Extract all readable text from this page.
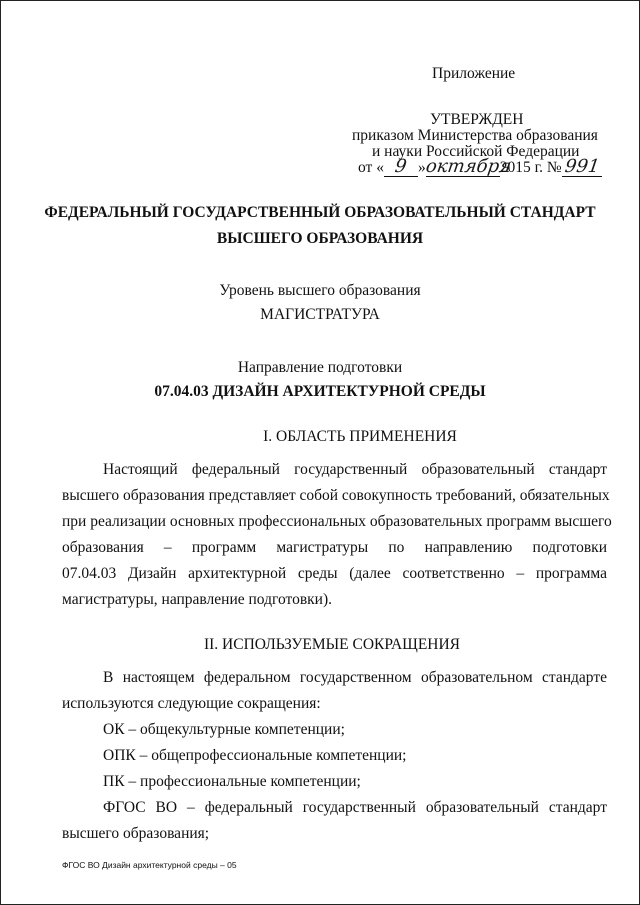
Приложение
УТВЕРЖДЕН
приказом Министерства образования
и науки Российской Федерации
от « 9 »октября2015 г. №991
ФЕДЕРАЛЬНЫЙ ГОСУДАРСТВЕННЫЙ ОБРАЗОВАТЕЛЬНЫЙ СТАНДАРТ
ВЫСШЕГО ОБРАЗОВАНИЯ
Уровень высшего образования
МАГИСТРАТУРА
Направление подготовки
07.04.03 ДИЗАЙН АРХИТЕКТУРНОЙ СРЕДЫ
I. ОБЛАСТЬ ПРИМЕНЕНИЯ
Настоящий федеральный государственный образовательный стандарт
высшего образования представляет собой совокупность требований, обязательных
при реализации основных профессиональных образовательных программ высшего
образования – программ магистратуры по направлению подготовки
07.04.03 Дизайн архитектурной среды (далее соответственно – программа
магистратуры, направление подготовки).
II. ИСПОЛЬЗУЕМЫЕ СОКРАЩЕНИЯ
В настоящем федеральном государственном образовательном стандарте
используются следующие сокращения:
ОК – общекультурные компетенции;
ОПК – общепрофессиональные компетенции;
ПК – профессиональные компетенции;
ФГОС ВО – федеральный государственный образовательный стандарт
высшего образования;
ФГОС ВО Дизайн архитектурной среды – 05
